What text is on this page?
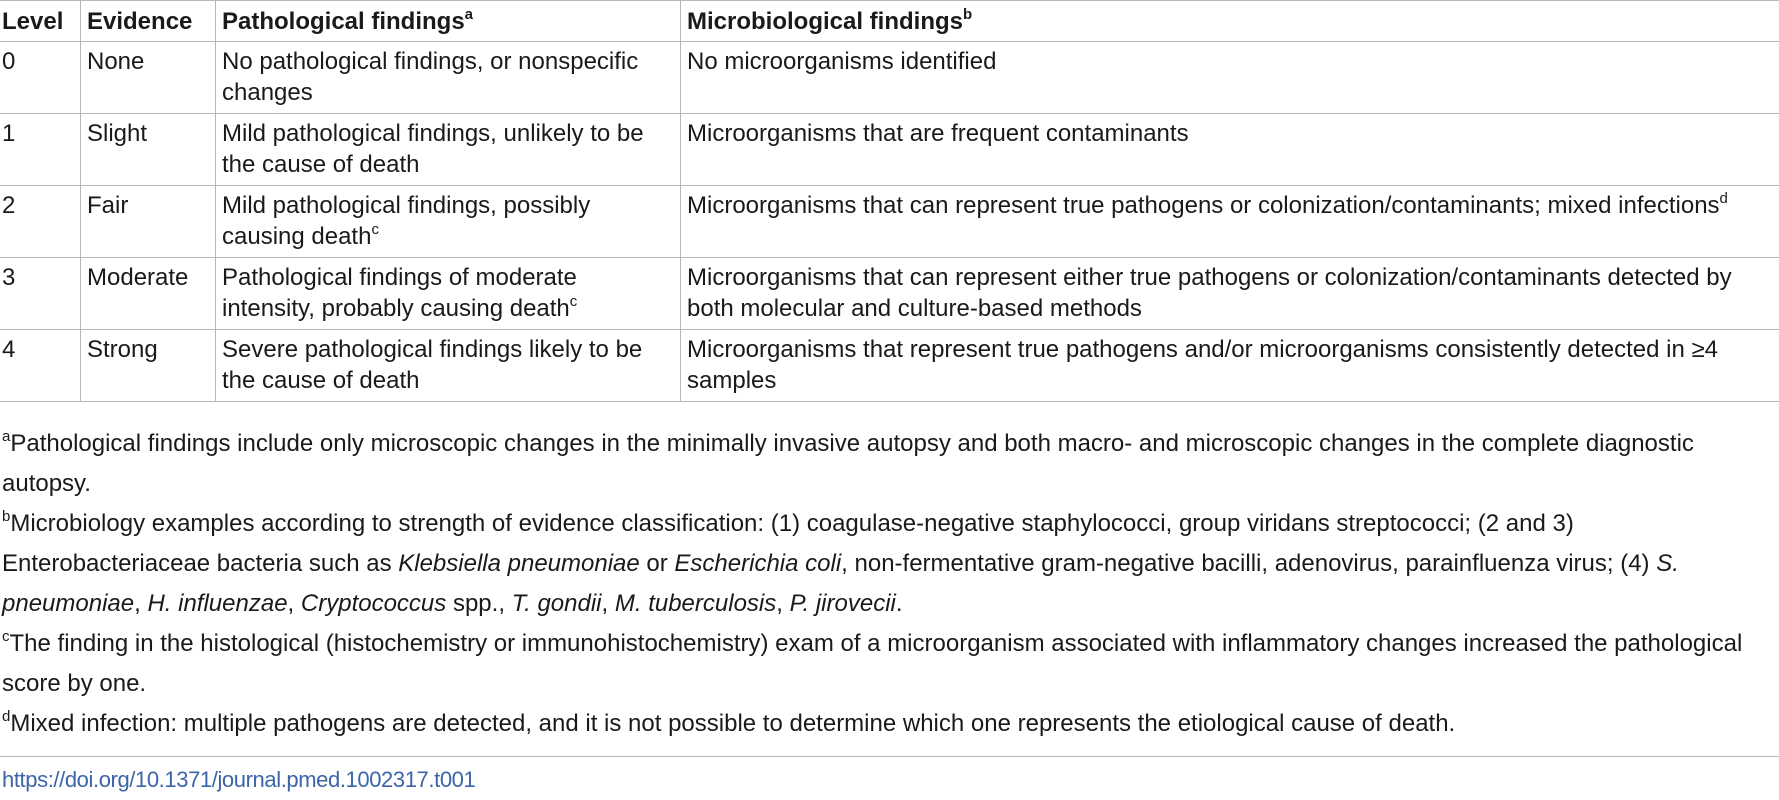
Level	Evidence	Pathological findings$^a$	Microbiological findings$^b$
0	None	No pathological findings, or nonspecific changes	No microorganisms identified
1	Slight	Mild pathological findings, unlikely to be the cause of death	Microorganisms that are frequent contaminants
2	Fair	Mild pathological findings, possibly causing death$^c$	Microorganisms that can represent true pathogens or colonization/contaminants; mixed infections$^d$
3	Moderate	Pathological findings of moderate intensity, probably causing death$^c$	Microorganisms that can represent either true pathogens or colonization/contaminants detected by both molecular and culture-based methods
4	Strong	Severe pathological findings likely to be the cause of death	Microorganisms that represent true pathogens and/or microorganisms consistently detected in ≥4 samples

$^a$Pathological findings include only microscopic changes in the minimally invasive autopsy and both macro- and microscopic changes in the complete diagnostic autopsy.

$^b$Microbiology examples according to strength of evidence classification: (1) coagulase-negative staphylococci, group viridans streptococci; (2 and 3) Enterobacteriaceae bacteria such as Klebsiella pneumoniae or Escherichia coli, non-fermentative gram-negative bacilli, adenovirus, parainfluenza virus; (4) S. pneumoniae, H. influenzae, Cryptococcus spp., T. gondii, M. tuberculosis, P. jirovecii.

$^c$The finding in the histological (histochemistry or immunohistochemistry) exam of a microorganism associated with inflammatory changes increased the pathological score by one.

$^d$Mixed infection: multiple pathogens are detected, and it is not possible to determine which one represents the etiological cause of death.

https://doi.org/10.1371/journal.pmed.1002317.t001
